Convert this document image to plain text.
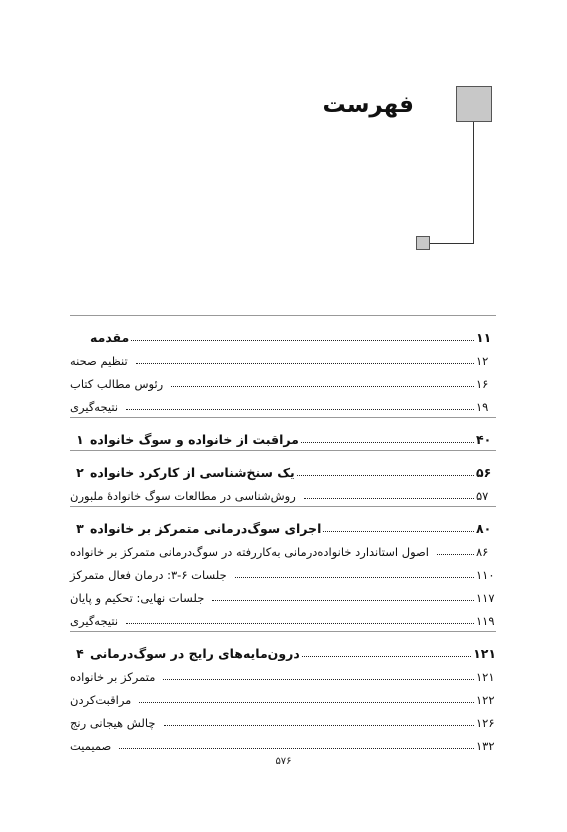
فهرست
مقدمه	۱۱
تنظیم صحنه	۱۲
رئوس مطالب کتاب	۱۶
نتیجه‌گیری	۱۹
۱ مراقبت از خانواده و سوگ خانواده	۴۰
۲ یک سنخ‌شناسی از کارکرد خانواده	۵۶
روش‌شناسی در مطالعات سوگ خانوادهٔ ملبورن	۵۷
۳ اجرای سوگ‌درمانی متمرکز بر خانواده	۸۰
اصول استاندارد خانواده‌درمانی به‌کاررفته در سوگ‌درمانی متمرکز بر خانواده	۸۶
جلسات ۶-۳: درمان فعال متمرکز	۱۱۰
جلسات نهایی: تحکیم و پایان	۱۱۷
نتیجه‌گیری	۱۱۹
۴ درون‌مایه‌های رایج در سوگ‌درمانی	۱۲۱
متمرکز بر خانواده	۱۲۱
مراقبت‌کردن	۱۲۲
چالش هیجانی رنج	۱۲۶
صمیمیت	۱۳۲
۵۷۶
